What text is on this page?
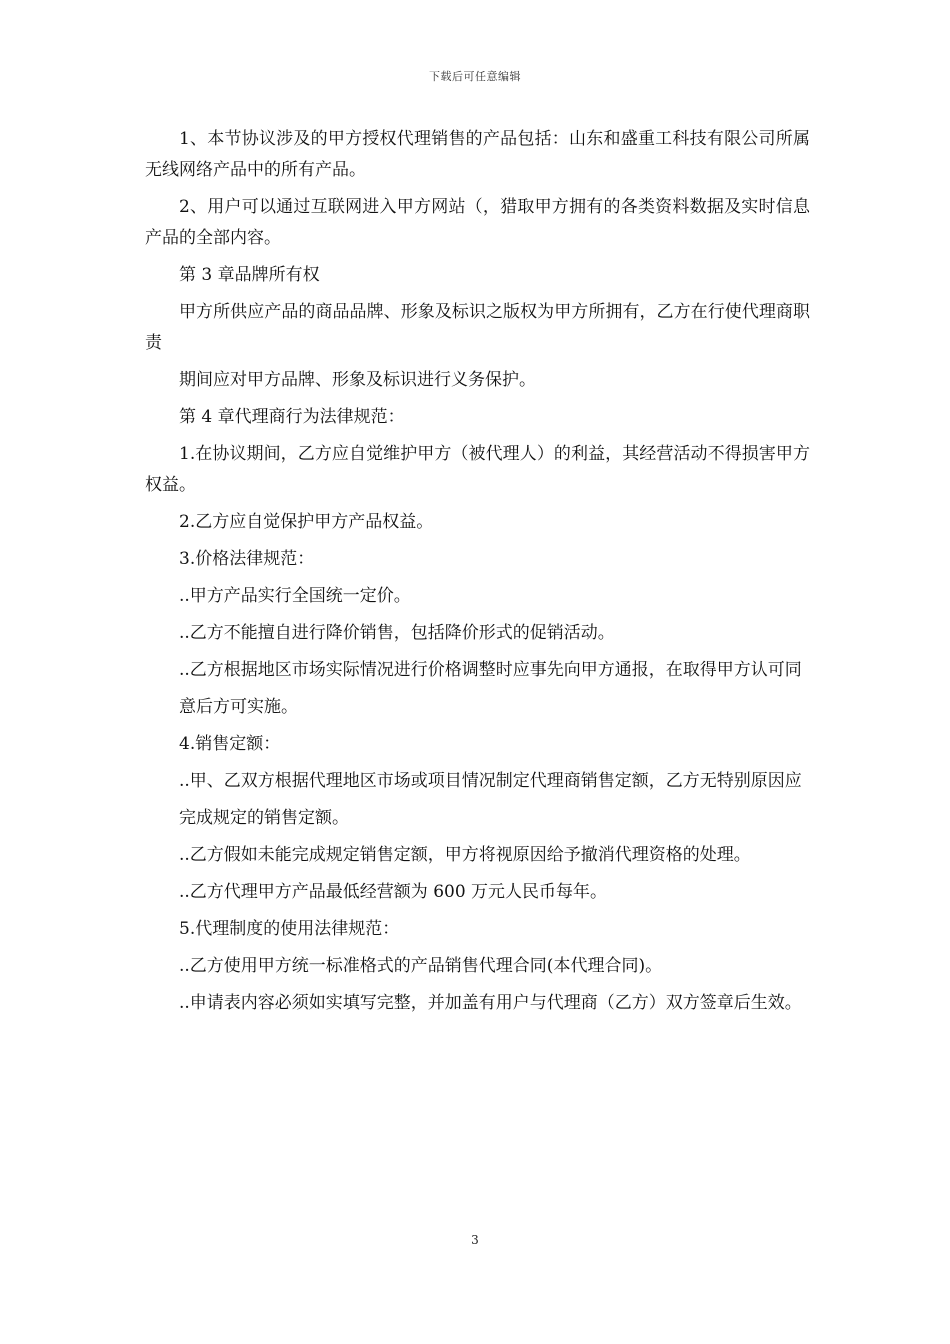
下载后可任意编辑

1、本节协议涉及的甲方授权代理销售的产品包括：山东和盛重工科技有限公司所属无线网络产品中的所有产品。

2、用户可以通过互联网进入甲方网站（，猎取甲方拥有的各类资料数据及实时信息产品的全部内容。

第 3 章品牌所有权

甲方所供应产品的商品品牌、形象及标识之版权为甲方所拥有，乙方在行使代理商职责

期间应对甲方品牌、形象及标识进行义务保护。

第 4 章代理商行为法律规范：

1.在协议期间，乙方应自觉维护甲方（被代理人）的利益，其经营活动不得损害甲方权益。

2.乙方应自觉保护甲方产品权益。

3.价格法律规范：

..甲方产品实行全国统一定价。

..乙方不能擅自进行降价销售，包括降价形式的促销活动。

..乙方根据地区市场实际情况进行价格调整时应事先向甲方通报，在取得甲方认可同

意后方可实施。

4.销售定额：

..甲、乙双方根据代理地区市场或项目情况制定代理商销售定额，乙方无特别原因应

完成规定的销售定额。

..乙方假如未能完成规定销售定额，甲方将视原因给予撤消代理资格的处理。

..乙方代理甲方产品最低经营额为 600 万元人民币每年。

5.代理制度的使用法律规范：

..乙方使用甲方统一标准格式的产品销售代理合同(本代理合同)。

..申请表内容必须如实填写完整，并加盖有用户与代理商（乙方）双方签章后生效。

3
